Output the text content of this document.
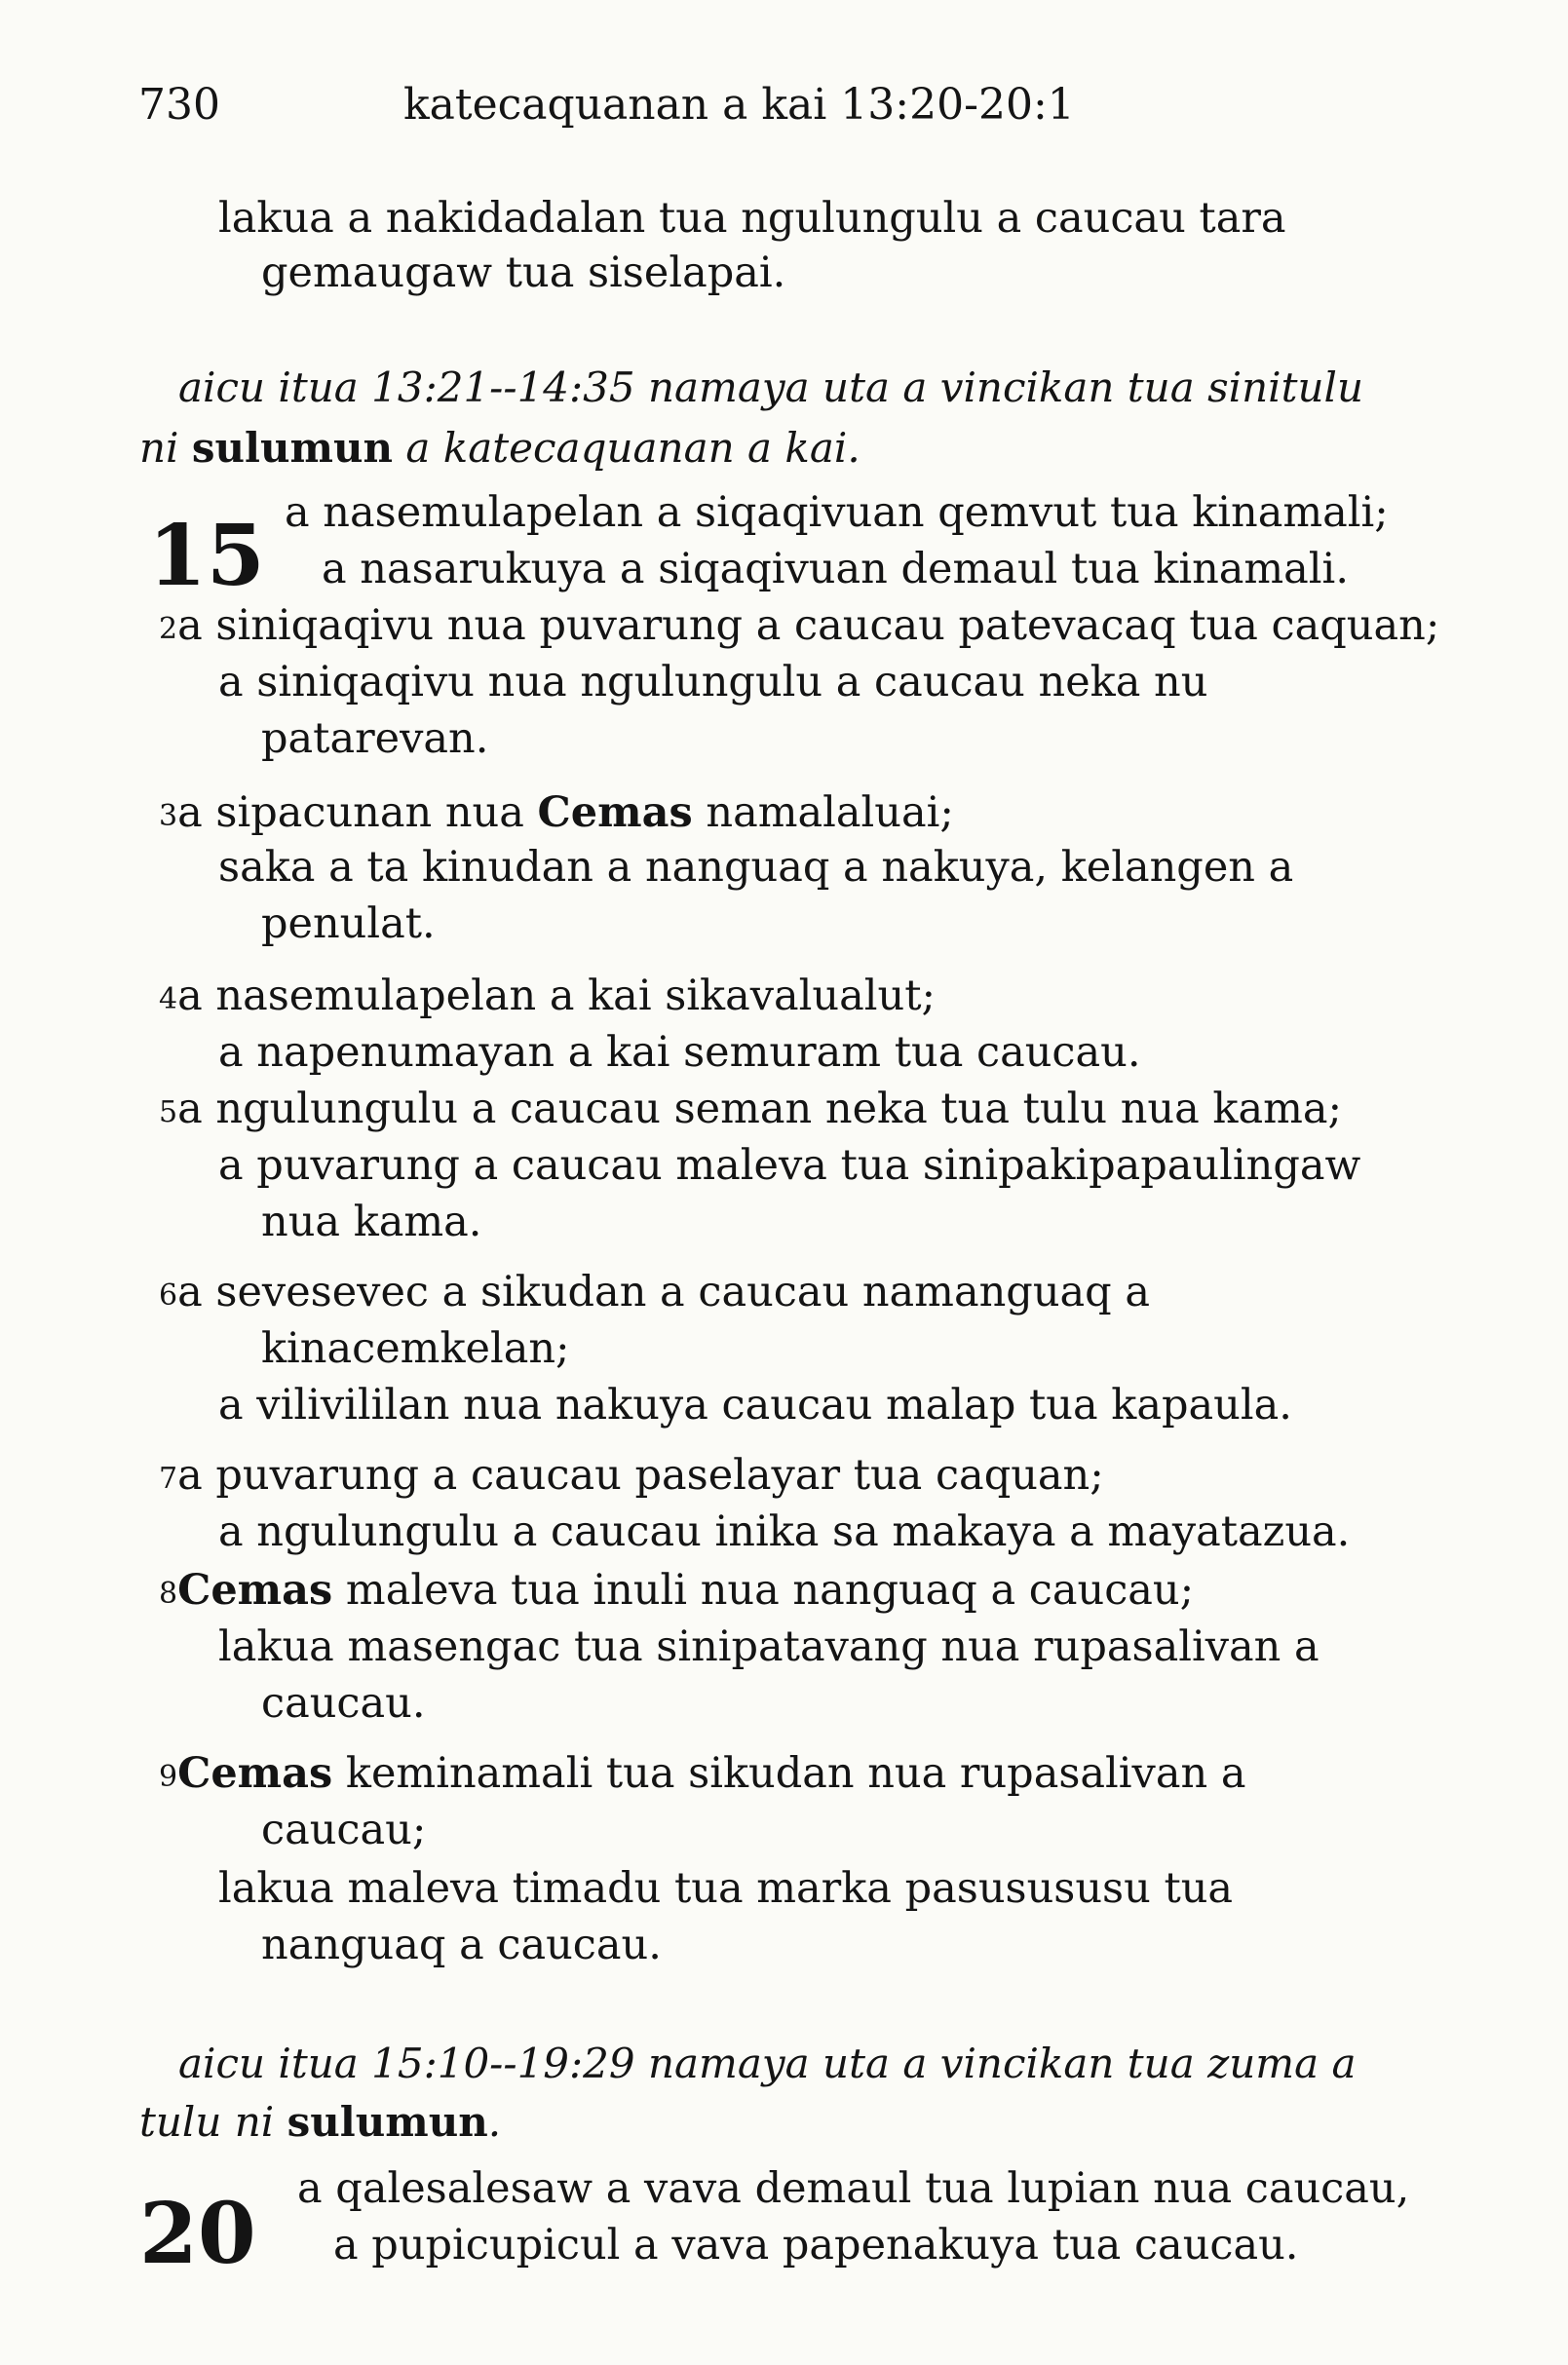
730	katecaquanan a kai 13:20-20:1
lakua a nakidadalan tua ngulungulu a caucau tara
gemaugaw tua siselapai.
aicu itua 13:21--14:35 namaya uta a vincikan tua sinitulu
ni sulumun a katecaquanan a kai.
15 a nasemulapelan a siqaqivuan qemvut tua kinamali;
a nasarukuya a siqaqivuan demaul tua kinamali.
$^2$a siniqaqivu nua puvarung a caucau patevacaq tua caquan;
a siniqaqivu nua ngulungulu a caucau neka nu
patarevan.
$^3$a sipacunan nua Cemas namalaluai;
saka a ta kinudan a nanguaq a nakuya, kelangen a
penulat.
$^4$a nasemulapelan a kai sikavalualut;
a napenumayan a kai semuram tua caucau.
$^5$a ngulungulu a caucau seman neka tua tulu nua kama;
a puvarung a caucau maleva tua sinipakipapaulingaw
nua kama.
$^6$a sevesevec a sikudan a caucau namanguaq a
kinacemkelan;
a vilivililan nua nakuya caucau malap tua kapaula.
$^7$a puvarung a caucau paselayar tua caquan;
a ngulungulu a caucau inika sa makaya a mayatazua.
$^8$Cemas maleva tua inuli nua nanguaq a caucau;
lakua masengac tua sinipatavang nua rupasalivan a
caucau.
$^9$Cemas keminamali tua sikudan nua rupasalivan a
caucau;
lakua maleva timadu tua marka pasusususu tua
nanguaq a caucau.
aicu itua 15:10--19:29 namaya uta a vincikan tua zuma a
tulu ni sulumun.
20 a qalesalesaw a vava demaul tua lupian nua caucau,
a pupicupicul a vava papenakuya tua caucau.
